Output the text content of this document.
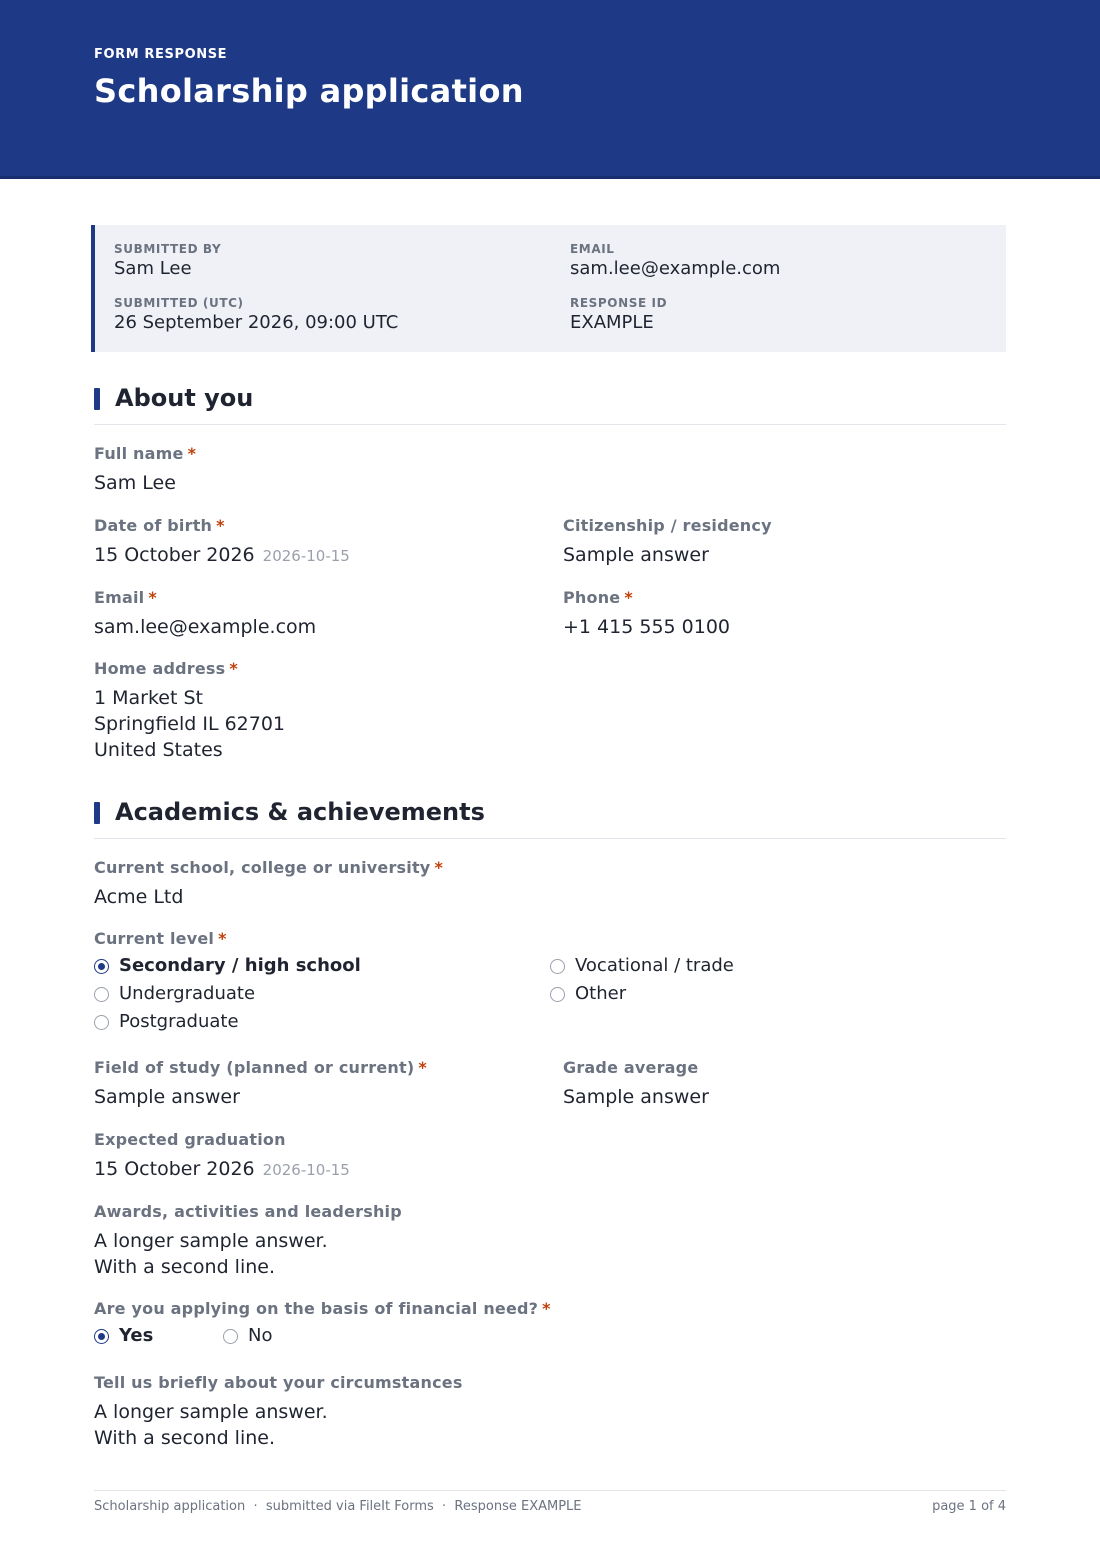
FORM RESPONSE
Scholarship application
SUBMITTED BY
Sam Lee
EMAIL
sam.lee@example.com
SUBMITTED (UTC)
26 September 2026, 09:00 UTC
RESPONSE ID
EXAMPLE
About you
Full name *
Sam Lee
Date of birth *
15 October 2026 2026-10-15
Citizenship / residency
Sample answer
Email *
sam.lee@example.com
Phone *
+1 415 555 0100
Home address *
1 Market St
Springfield IL 62701
United States
Academics & achievements
Current school, college or university *
Acme Ltd
Current level *
Secondary / high school
Undergraduate
Postgraduate
Vocational / trade
Other
Field of study (planned or current) *
Sample answer
Grade average
Sample answer
Expected graduation
15 October 2026 2026-10-15
Awards, activities and leadership
A longer sample answer.
With a second line.
Are you applying on the basis of financial need? *
Yes	No
Tell us briefly about your circumstances
A longer sample answer.
With a second line.
Scholarship application  ·  submitted via FileIt Forms  ·  Response EXAMPLE	page 1 of 4
